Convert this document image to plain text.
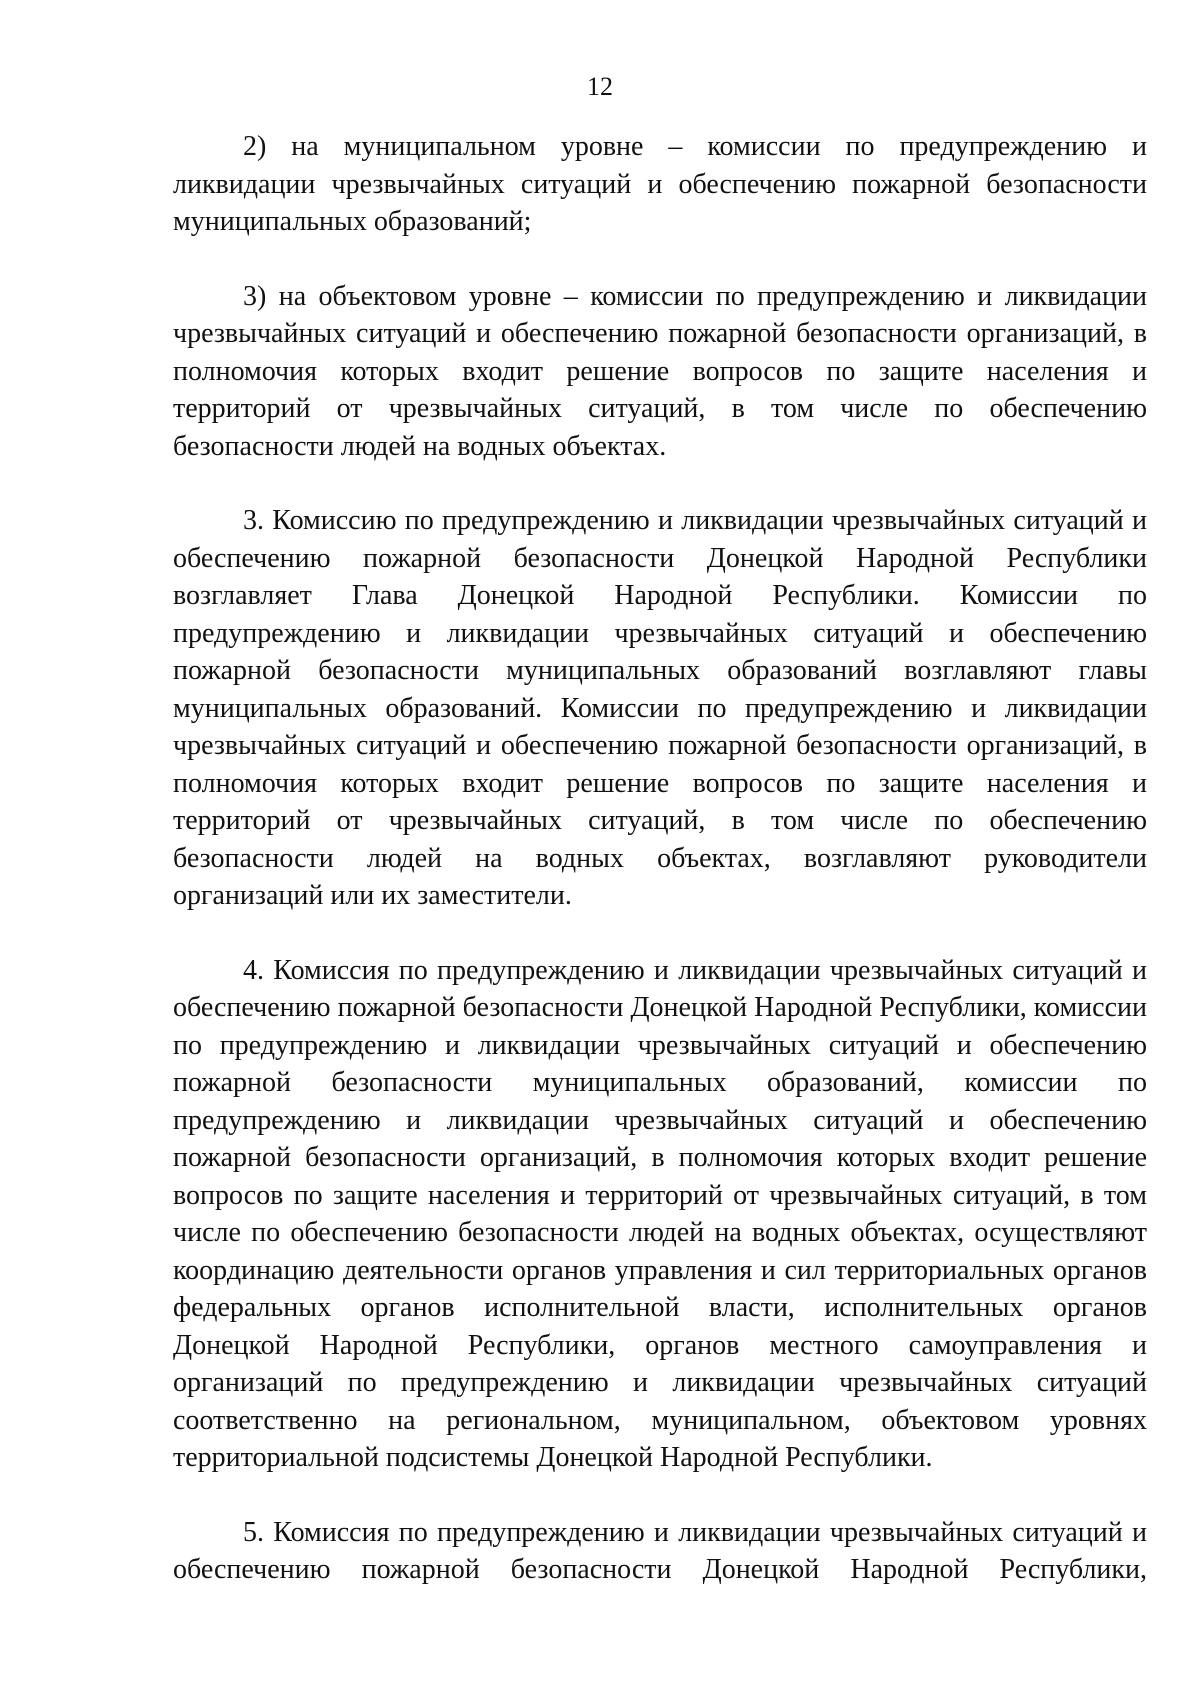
12

2) на муниципальном уровне – комиссии по предупреждению и ликвидации чрезвычайных ситуаций и обеспечению пожарной безопасности муниципальных образований;

3) на объектовом уровне – комиссии по предупреждению и ликвидации чрезвычайных ситуаций и обеспечению пожарной безопасности организаций, в полномочия которых входит решение вопросов по защите населения и территорий от чрезвычайных ситуаций, в том числе по обеспечению безопасности людей на водных объектах.

3. Комиссию по предупреждению и ликвидации чрезвычайных ситуаций и обеспечению пожарной безопасности Донецкой Народной Республики возглавляет Глава Донецкой Народной Республики. Комиссии по предупреждению и ликвидации чрезвычайных ситуаций и обеспечению пожарной безопасности муниципальных образований возглавляют главы муниципальных образований. Комиссии по предупреждению и ликвидации чрезвычайных ситуаций и обеспечению пожарной безопасности организаций, в полномочия которых входит решение вопросов по защите населения и территорий от чрезвычайных ситуаций, в том числе по обеспечению безопасности людей на водных объектах, возглавляют руководители организаций или их заместители.

4. Комиссия по предупреждению и ликвидации чрезвычайных ситуаций и обеспечению пожарной безопасности Донецкой Народной Республики, комиссии по предупреждению и ликвидации чрезвычайных ситуаций и обеспечению пожарной безопасности муниципальных образований, комиссии по предупреждению и ликвидации чрезвычайных ситуаций и обеспечению пожарной безопасности организаций, в полномочия которых входит решение вопросов по защите населения и территорий от чрезвычайных ситуаций, в том числе по обеспечению безопасности людей на водных объектах, осуществляют координацию деятельности органов управления и сил территориальных органов федеральных органов исполнительной власти, исполнительных органов Донецкой Народной Республики, органов местного самоуправления и организаций по предупреждению и ликвидации чрезвычайных ситуаций соответственно на региональном, муниципальном, объектовом уровнях территориальной подсистемы Донецкой Народной Республики.

5. Комиссия по предупреждению и ликвидации чрезвычайных ситуаций и обеспечению пожарной безопасности Донецкой Народной Республики,
